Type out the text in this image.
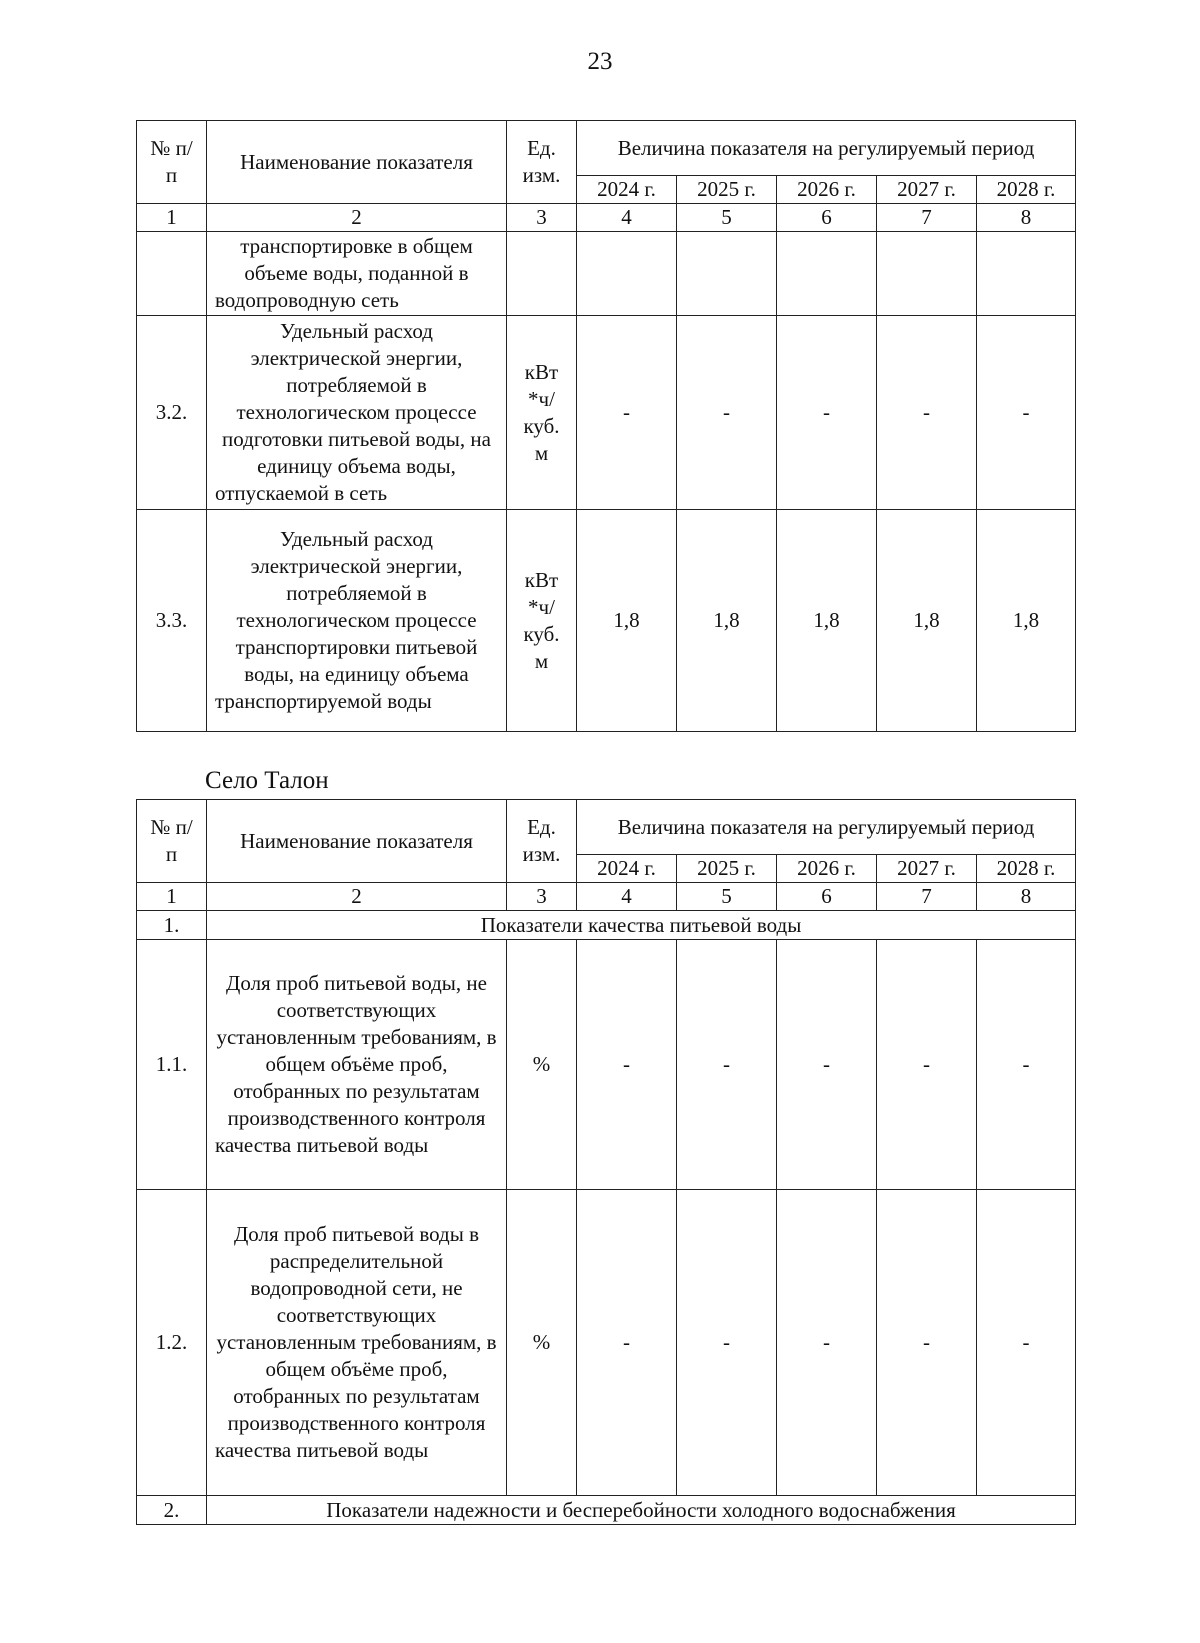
23
№ п/п	Наименование показателя	Ед. изм.	Величина показателя на регулируемый период				
			2024 г.	2025 г.	2026 г.	2027 г.	2028 г.
1	2	3	4	5	6	7	8
	транспортировке в общем объеме воды, поданной в водопроводную сеть						
3.2.	Удельный расход электрической энергии, потребляемой в технологическом процессе подготовки питьевой воды, на единицу объема воды, отпускаемой в сеть	кВт *ч/ куб. м	-	-	-	-	-
3.3.	Удельный расход электрической энергии, потребляемой в технологическом процессе транспортировки питьевой воды, на единицу объема транспортируемой воды	кВт *ч/ куб. м	1,8	1,8	1,8	1,8	1,8
Село Талон
№ п/п	Наименование показателя	Ед. изм.	Величина показателя на регулируемый период				
			2024 г.	2025 г.	2026 г.	2027 г.	2028 г.
1	2	3	4	5	6	7	8
1.	Показатели качества питьевой воды						
1.1.	Доля проб питьевой воды, не соответствующих установленным требованиям, в общем объёме проб, отобранных по результатам производственного контроля качества питьевой воды	%	-	-	-	-	-
1.2.	Доля проб питьевой воды в распределительной водопроводной сети, не соответствующих установленным требованиям, в общем объёме проб, отобранных по результатам производственного контроля качества питьевой воды	%	-	-	-	-	-
2.	Показатели надежности и бесперебойности холодного водоснабжения						
